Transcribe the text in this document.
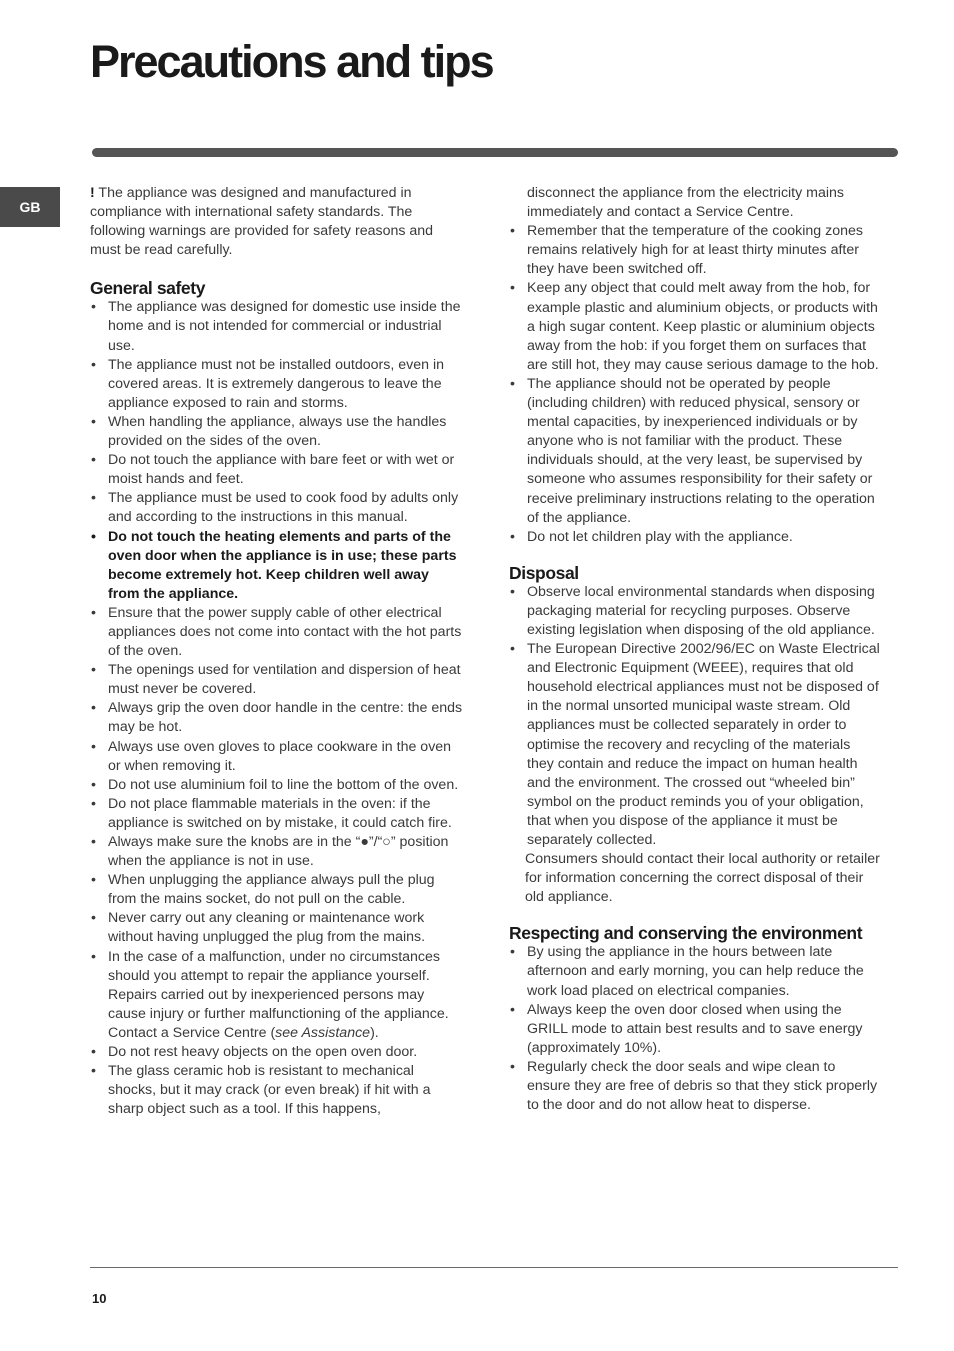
Precautions and tips
GB

! The appliance was designed and manufactured in compliance with international safety standards. The following warnings are provided for safety reasons and must be read carefully.

General safety
• The appliance was designed for domestic use inside the home and is not intended for commercial or industrial use.
• The appliance must not be installed outdoors, even in covered areas. It is extremely dangerous to leave the appliance exposed to rain and storms.
• When handling the appliance, always use the handles provided on the sides of the oven.
• Do not touch the appliance with bare feet or with wet or moist hands and feet.
• The appliance must be used to cook food by adults only and according to the instructions in this manual.
• Do not touch the heating elements and parts of the oven door when the appliance is in use; these parts become extremely hot. Keep children well away from the appliance.
• Ensure that the power supply cable of other electrical appliances does not come into contact with the hot parts of the oven.
• The openings used for ventilation and dispersion of heat must never be covered.
• Always grip the oven door handle in the centre: the ends may be hot.
• Always use oven gloves to place cookware in the oven or when removing it.
• Do not use aluminium foil to line the bottom of the oven.
• Do not place flammable materials in the oven: if the appliance is switched on by mistake, it could catch fire.
• Always make sure the knobs are in the “●”/“○” position when the appliance is not in use.
• When unplugging the appliance always pull the plug from the mains socket, do not pull on the cable.
• Never carry out any cleaning or maintenance work without having unplugged the plug from the mains.
• In the case of a malfunction, under no circumstances should you attempt to repair the appliance yourself. Repairs carried out by inexperienced persons may cause injury or further malfunctioning of the appliance. Contact a Service Centre (see Assistance).
• Do not rest heavy objects on the open oven door.
• The glass ceramic hob is resistant to mechanical shocks, but it may crack (or even break) if hit with a sharp object such as a tool. If this happens,
disconnect the appliance from the electricity mains immediately and contact a Service Centre.
• Remember that the temperature of the cooking zones remains relatively high for at least thirty minutes after they have been switched off.
• Keep any object that could melt away from the hob, for example plastic and aluminium objects, or products with a high sugar content. Keep plastic or aluminium objects away from the hob: if you forget them on surfaces that are still hot, they may cause serious damage to the hob.
• The appliance should not be operated by people (including children) with reduced physical, sensory or mental capacities, by inexperienced individuals or by anyone who is not familiar with the product. These individuals should, at the very least, be supervised by someone who assumes responsibility for their safety or receive preliminary instructions relating to the operation of the appliance.
• Do not let children play with the appliance.
Disposal
• Observe local environmental standards when disposing packaging material for recycling purposes. Observe existing legislation when disposing of the old appliance.
• The European Directive 2002/96/EC on Waste Electrical and Electronic Equipment (WEEE), requires that old household electrical appliances must not be disposed of in the normal unsorted municipal waste stream. Old appliances must be collected separately in order to optimise the recovery and recycling of the materials they contain and reduce the impact on human health and the environment. The crossed out “wheeled bin” symbol on the product reminds you of your obligation, that when you dispose of the appliance it must be separately collected.
Consumers should contact their local authority or retailer for information concerning the correct disposal of their old appliance.
Respecting and conserving the environment
• By using the appliance in the hours between late afternoon and early morning, you can help reduce the work load placed on electrical companies.
• Always keep the oven door closed when using the GRILL mode to attain best results and to save energy (approximately 10%).
• Regularly check the door seals and wipe clean to ensure they are free of debris so that they stick properly to the door and do not allow heat to disperse.
10
